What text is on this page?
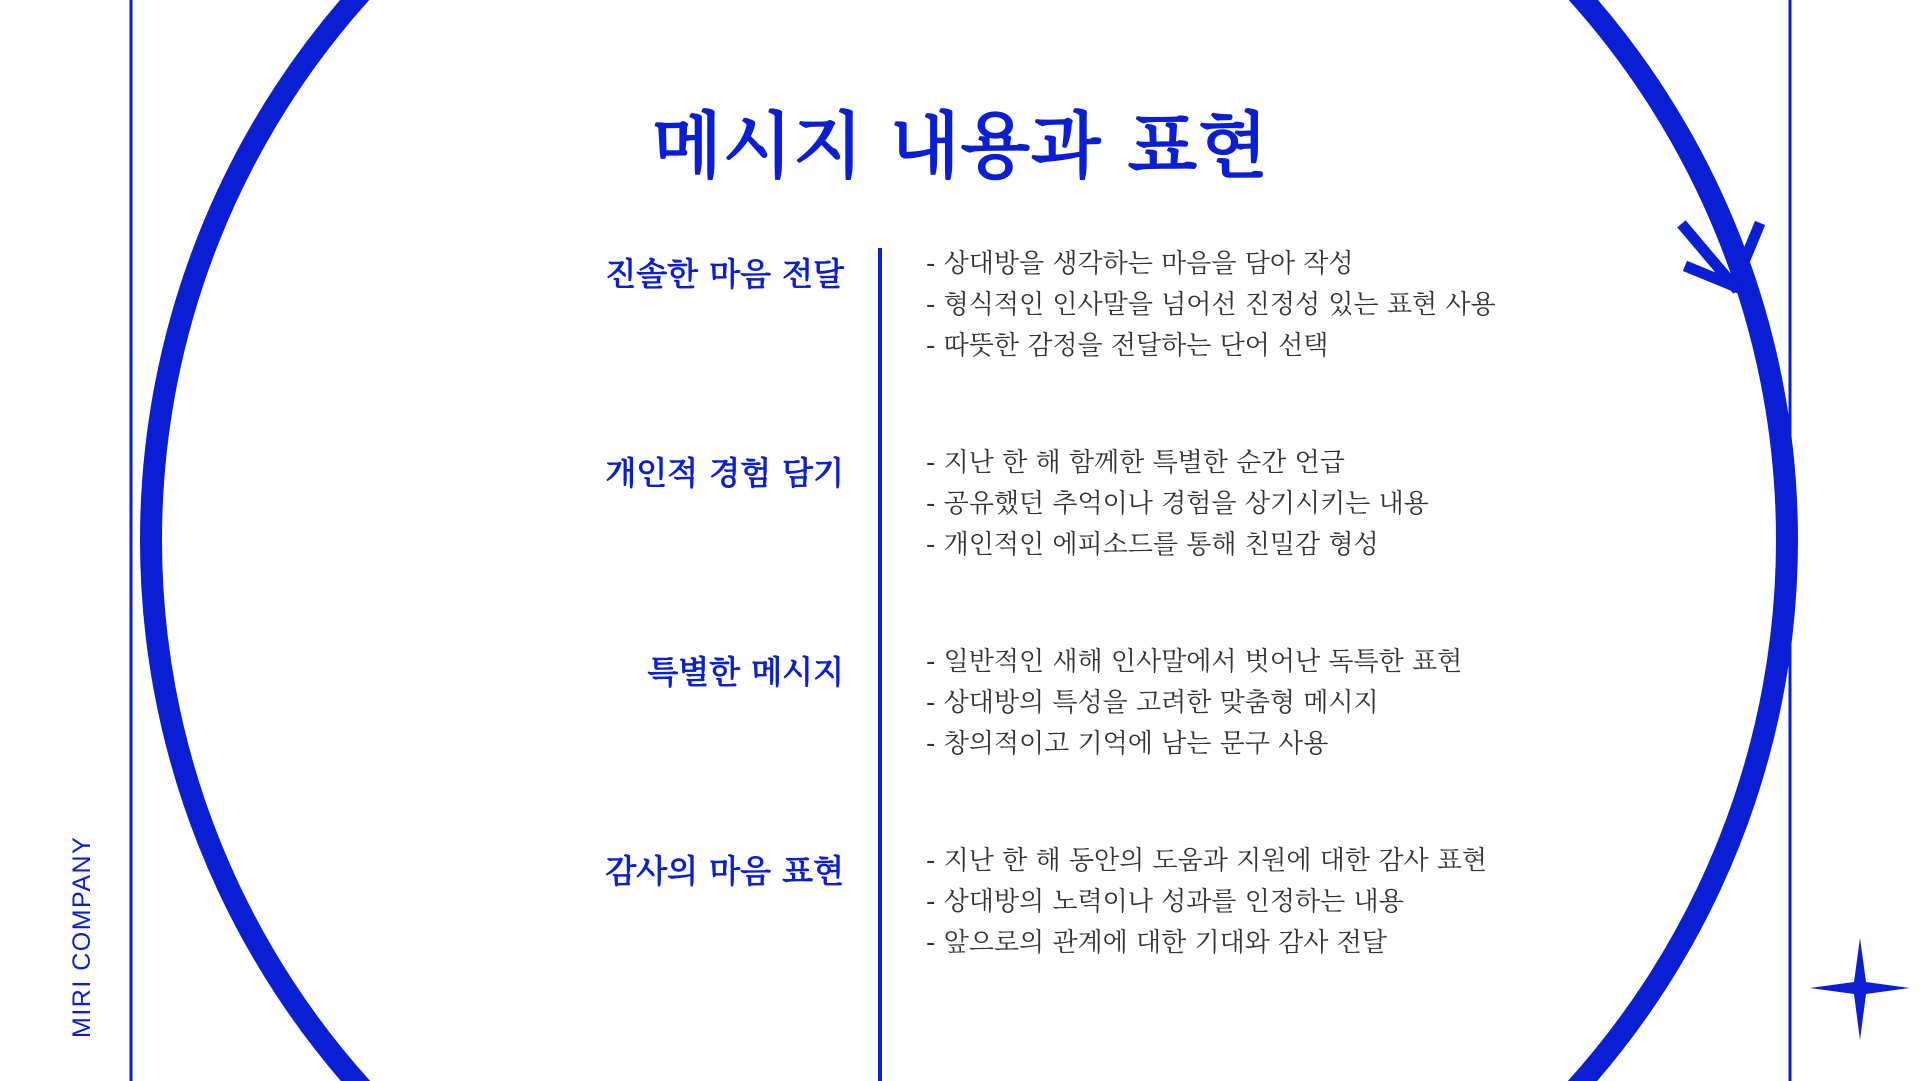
메시지 내용과 표현
MIRI COMPANY
진솔한 마음 전달	- 상대방을 생각하는 마음을 담아 작성
- 형식적인 인사말을 넘어선 진정성 있는 표현 사용
- 따뜻한 감정을 전달하는 단어 선택
개인적 경험 담기	- 지난 한 해 함께한 특별한 순간 언급
- 공유했던 추억이나 경험을 상기시키는 내용
- 개인적인 에피소드를 통해 친밀감 형성
특별한 메시지	- 일반적인 새해 인사말에서 벗어난 독특한 표현
- 상대방의 특성을 고려한 맞춤형 메시지
- 창의적이고 기억에 남는 문구 사용
감사의 마음 표현	- 지난 한 해 동안의 도움과 지원에 대한 감사 표현
- 상대방의 노력이나 성과를 인정하는 내용
- 앞으로의 관계에 대한 기대와 감사 전달
